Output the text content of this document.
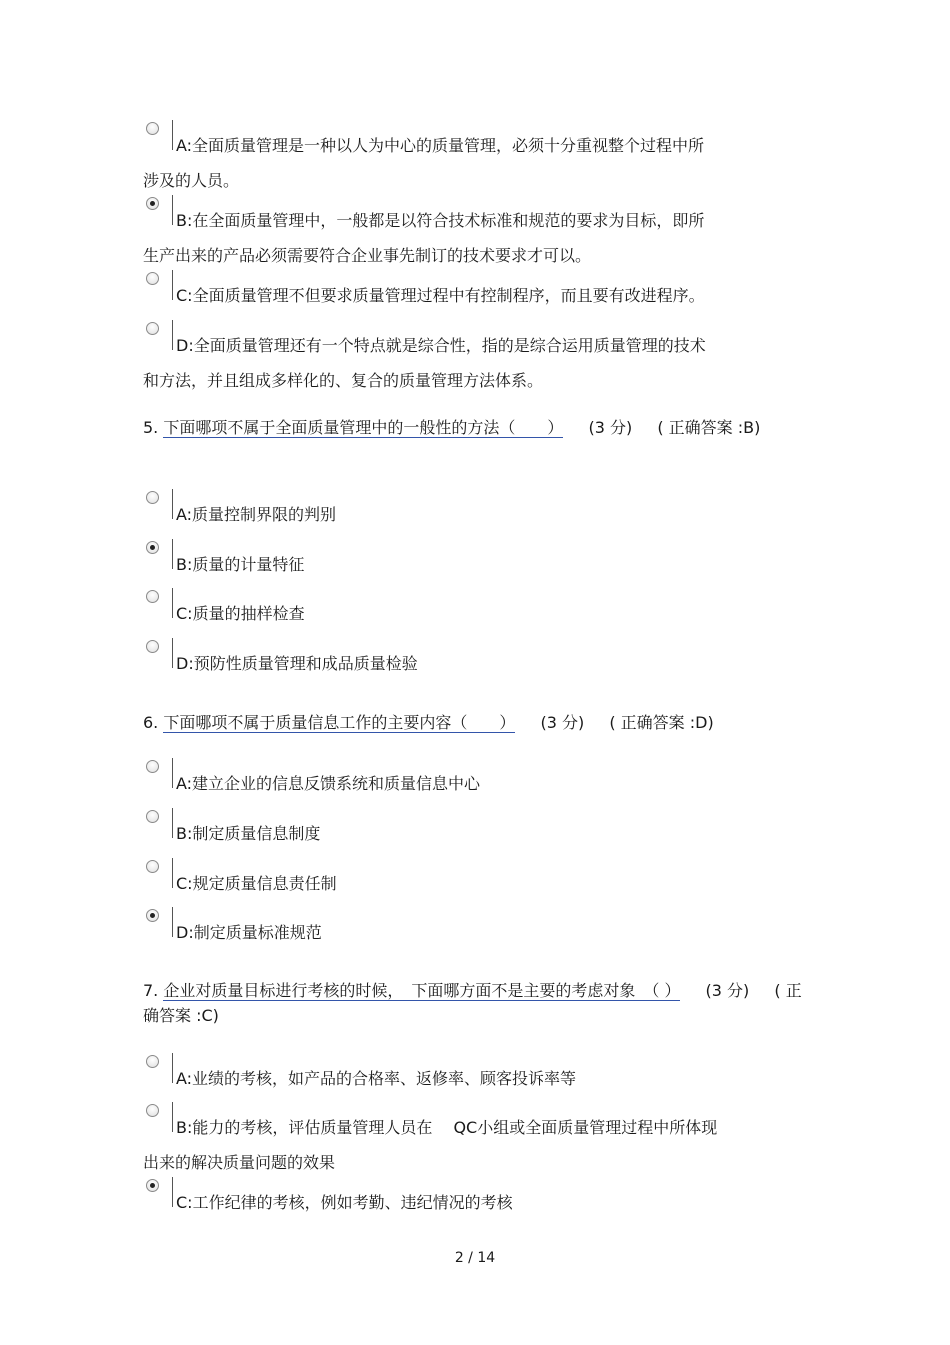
A:全面质量管理是一种以人为中心的质量管理，必须十分重视整个过程中所
涉及的人员。
B:在全面质量管理中，一般都是以符合技术标准和规范的要求为目标，即所
生产出来的产品必须需要符合企业事先制订的技术要求才可以。
C:全面质量管理不但要求质量管理过程中有控制程序，而且要有改进程序。
D:全面质量管理还有一个特点就是综合性，指的是综合运用质量管理的技术
和方法，并且组成多样化的、复合的质量管理方法体系。
5. 下面哪项不属于全面质量管理中的一般性的方法（　　） (3 分) ( 正确答案 :B)
A:质量控制界限的判别
B:质量的计量特征
C:质量的抽样检查
D:预防性质量管理和成品质量检验
6. 下面哪项不属于质量信息工作的主要内容（　　） (3 分) ( 正确答案 :D)
A:建立企业的信息反馈系统和质量信息中心
B:制定质量信息制度
C:规定质量信息责任制
D:制定质量标准规范
7. 企业对质量目标进行考核的时候，　下面哪方面不是主要的考虑对象　（ ） (3 分) ( 正确答案 :C)
A:业绩的考核，如产品的合格率、返修率、顾客投诉率等
B:能力的考核，评估质量管理人员在　 QC小组或全面质量管理过程中所体现
出来的解决质量问题的效果
C:工作纪律的考核，例如考勤、违纪情况的考核
2 / 14
